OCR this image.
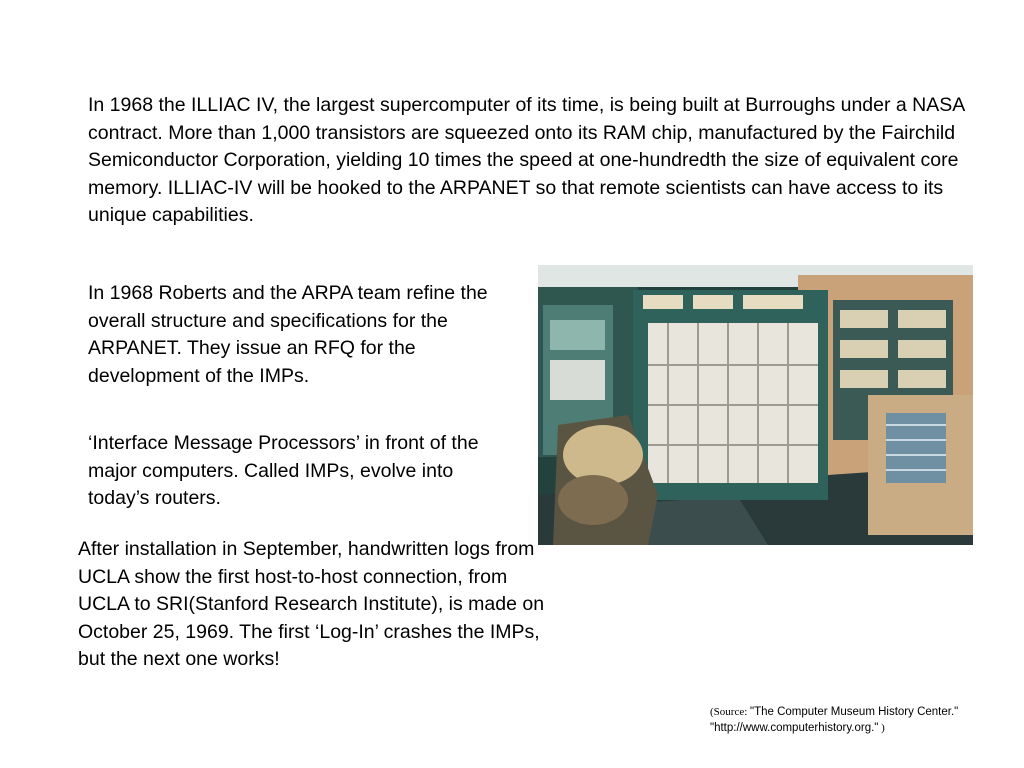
In 1968 the ILLIAC IV, the largest supercomputer of its time, is being built at Burroughs under a NASA contract. More than 1,000 transistors are squeezed onto its RAM chip, manufactured by the Fairchild Semiconductor Corporation, yielding 10 times the speed at one-hundredth the size of equivalent core memory. ILLIAC-IV will be hooked to the ARPANET so that remote scientists can have access to its unique capabilities.

In 1968 Roberts and the ARPA team refine the overall structure and specifications for the ARPANET. They issue an RFQ for the development of the IMPs.

‘Interface Message Processors’ in front of the major computers. Called IMPs, evolve into today’s routers.

After installation in September, handwritten logs from UCLA show the first host-to-host connection, from UCLA to SRI(Stanford Research Institute), is made on October 25, 1969. The first ‘Log-In’ crashes the IMPs, but the next one works!

(Source: "The Computer Museum History Center."
"http://www.computerhistory.org." )
